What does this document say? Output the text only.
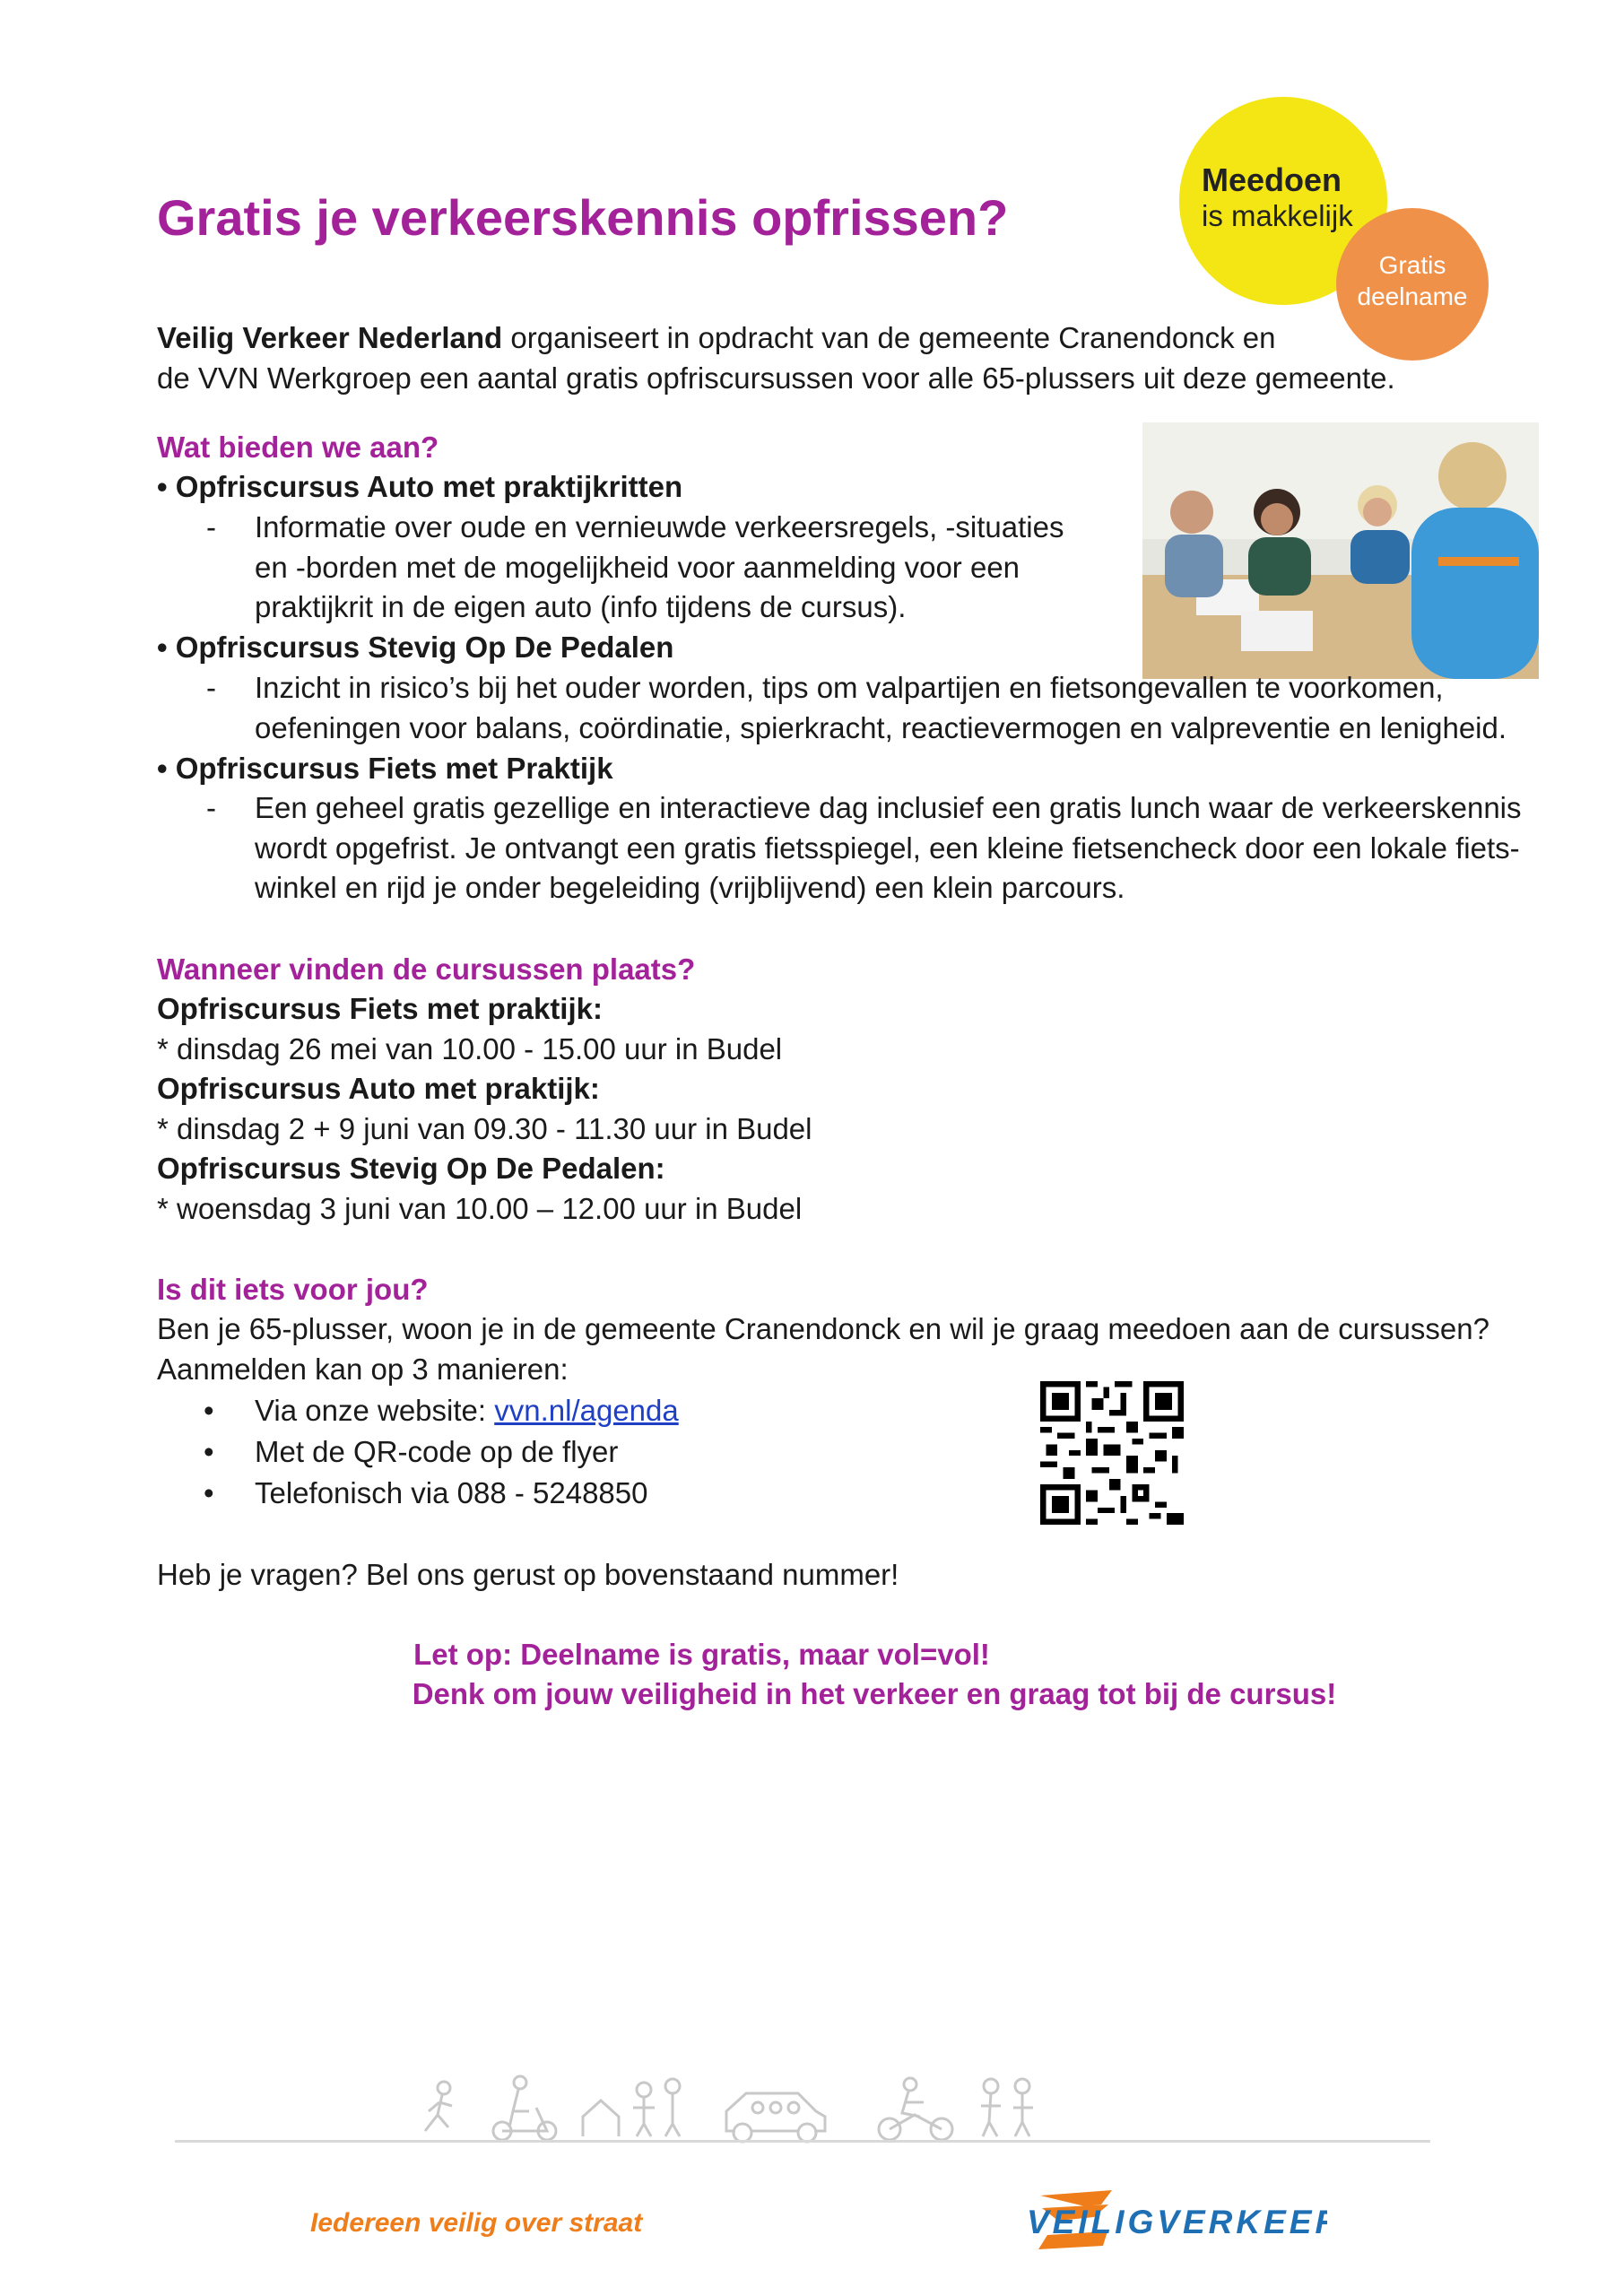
Gratis je verkeerskennis opfrissen?
Meedoen
is makkelijk
Gratis
deelname
Veilig Verkeer Nederland organiseert in opdracht van de gemeente Cranendonck en
de VVN Werkgroep een aantal gratis opfriscursussen voor alle 65-plussers uit deze gemeente.
Wat bieden we aan?
• Opfriscursus Auto met praktijkritten
- Informatie over oude en vernieuwde verkeersregels, -situaties
en -borden met de mogelijkheid voor aanmelding voor een
praktijkrit in de eigen auto (info tijdens de cursus).
• Opfriscursus Stevig Op De Pedalen
- Inzicht in risico’s bij het ouder worden, tips om valpartijen en fietsongevallen te voorkomen,
oefeningen voor balans, coördinatie, spierkracht, reactievermogen en valpreventie en lenigheid.
• Opfriscursus Fiets met Praktijk
- Een geheel gratis gezellige en interactieve dag inclusief een gratis lunch waar de verkeerskennis
wordt opgefrist. Je ontvangt een gratis fietsspiegel, een kleine fietsencheck door een lokale fiets-
winkel en rijd je onder begeleiding (vrijblijvend) een klein parcours.
Wanneer vinden de cursussen plaats?
Opfriscursus Fiets met praktijk:
* dinsdag 26 mei van 10.00 - 15.00 uur in Budel
Opfriscursus Auto met praktijk:
* dinsdag 2 + 9 juni van 09.30 - 11.30 uur in Budel
Opfriscursus Stevig Op De Pedalen:
* woensdag 3 juni van 10.00 – 12.00 uur in Budel
Is dit iets voor jou?
Ben je 65-plusser, woon je in de gemeente Cranendonck en wil je graag meedoen aan de cursussen?
Aanmelden kan op 3 manieren:
• Via onze website: vvn.nl/agenda
• Met de QR-code op de flyer
• Telefonisch via 088 - 5248850
Heb je vragen? Bel ons gerust op bovenstaand nummer!
Let op: Deelname is gratis, maar vol=vol!
Denk om jouw veiligheid in het verkeer en graag tot bij de cursus!
Iedereen veilig over straat	VEILIGVERKEER
